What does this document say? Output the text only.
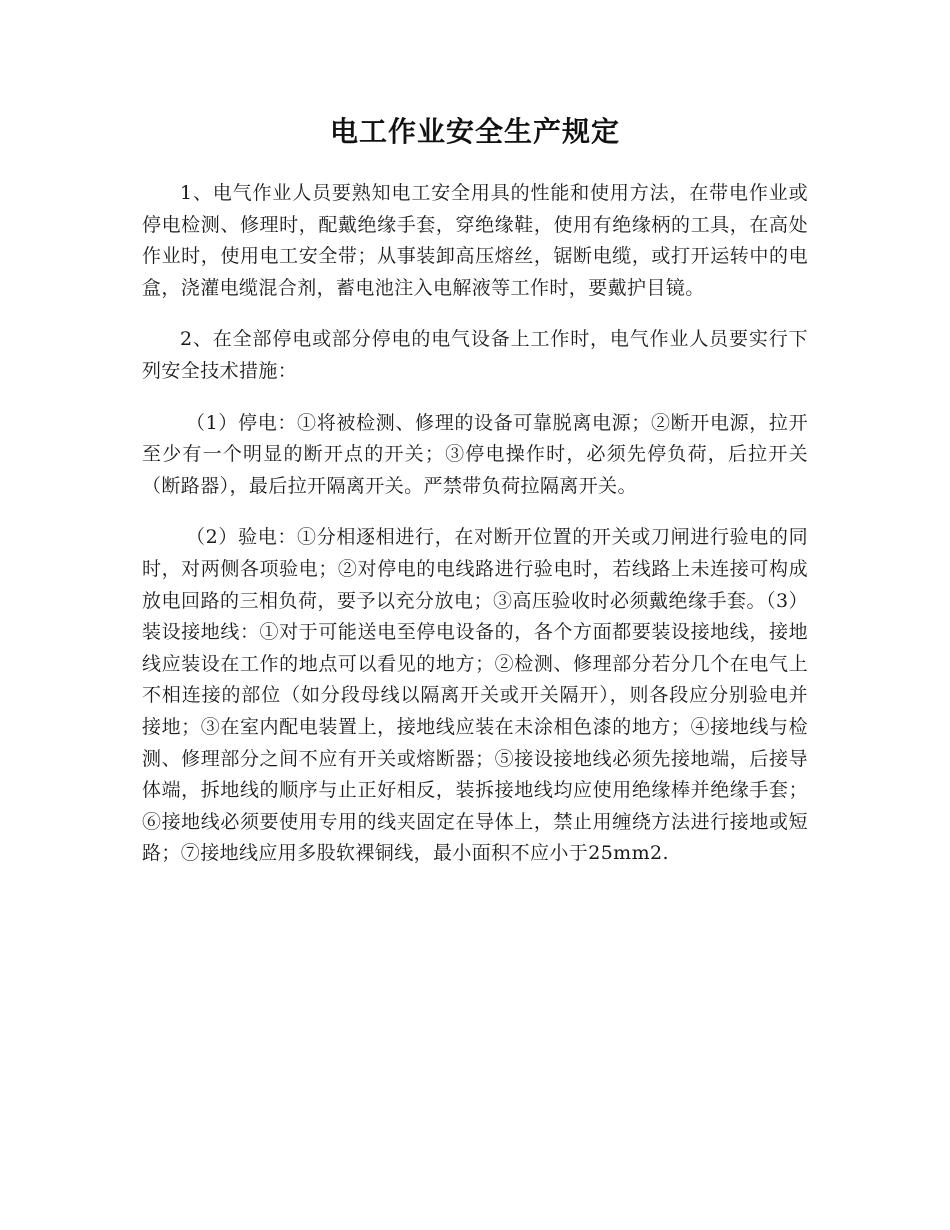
电工作业安全生产规定

1、电气作业人员要熟知电工安全用具的性能和使用方法，在带电作业或停电检测、修理时，配戴绝缘手套，穿绝缘鞋，使用有绝缘柄的工具，在高处作业时，使用电工安全带；从事装卸高压熔丝，锯断电缆，或打开运转中的电盒，浇灌电缆混合剂，蓄电池注入电解液等工作时，要戴护目镜。

2、在全部停电或部分停电的电气设备上工作时，电气作业人员要实行下列安全技术措施：

（1）停电：①将被检测、修理的设备可靠脱离电源；②断开电源，拉开至少有一个明显的断开点的开关；③停电操作时，必须先停负荷，后拉开关（断路器），最后拉开隔离开关。严禁带负荷拉隔离开关。

（2）验电：①分相逐相进行，在对断开位置的开关或刀闸进行验电的同时，对两侧各项验电；②对停电的电线路进行验电时，若线路上未连接可构成放电回路的三相负荷，要予以充分放电；③高压验收时必须戴绝缘手套。（3）装设接地线：①对于可能送电至停电设备的，各个方面都要装设接地线，接地线应装设在工作的地点可以看见的地方；②检测、修理部分若分几个在电气上不相连接的部位（如分段母线以隔离开关或开关隔开），则各段应分别验电并接地；③在室内配电装置上，接地线应装在未涂相色漆的地方；④接地线与检测、修理部分之间不应有开关或熔断器；⑤接设接地线必须先接地端，后接导体端，拆地线的顺序与止正好相反，装拆接地线均应使用绝缘棒并绝缘手套；⑥接地线必须要使用专用的线夹固定在导体上，禁止用缠绕方法进行接地或短路；⑦接地线应用多股软裸铜线，最小面积不应小于25mm2.
